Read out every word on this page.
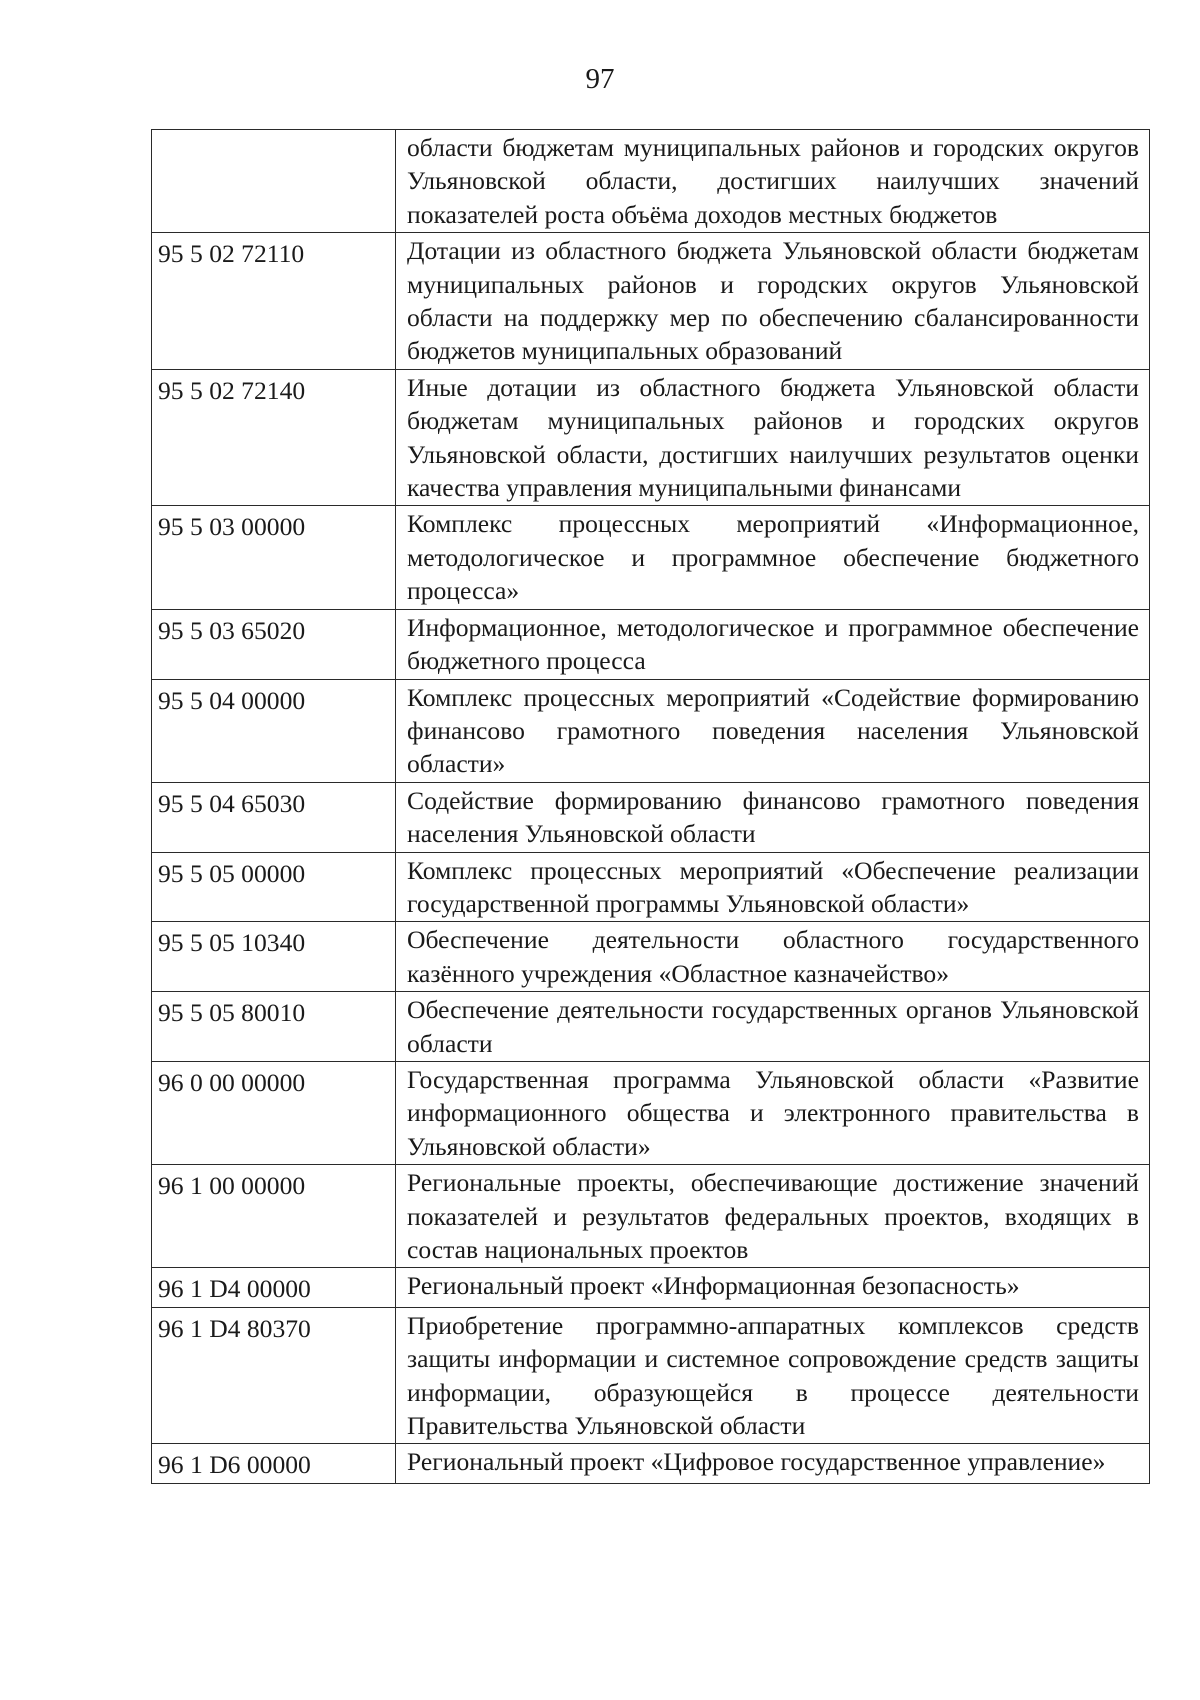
97
	области бюджетам муниципальных районов и городских округов Ульяновской области, достигших наилучших значений показателей роста объёма доходов местных бюджетов
95 5 02 72110	Дотации из областного бюджета Ульяновской области бюджетам муниципальных районов и городских округов Ульяновской области на поддержку мер по обеспечению сбалансированности бюджетов муниципальных образований
95 5 02 72140	Иные дотации из областного бюджета Ульяновской области бюджетам муниципальных районов и городских округов Ульяновской области, достигших наилучших результатов оценки качества управления муниципальными финансами
95 5 03 00000	Комплекс процессных мероприятий «Информационное, методологическое и программное обеспечение бюджетного процесса»
95 5 03 65020	Информационное, методологическое и программное обеспечение бюджетного процесса
95 5 04 00000	Комплекс процессных мероприятий «Содействие формированию финансово грамотного поведения населения Ульяновской области»
95 5 04 65030	Содействие формированию финансово грамотного поведения населения Ульяновской области
95 5 05 00000	Комплекс процессных мероприятий «Обеспечение реализации государственной программы Ульяновской области»
95 5 05 10340	Обеспечение деятельности областного государственного казённого учреждения «Областное казначейство»
95 5 05 80010	Обеспечение деятельности государственных органов Ульяновской области
96 0 00 00000	Государственная программа Ульяновской области «Развитие информационного общества и электронного правительства в Ульяновской области»
96 1 00 00000	Региональные проекты, обеспечивающие достижение значений показателей и результатов федеральных проектов, входящих в состав национальных проектов
96 1 D4 00000	Региональный проект «Информационная безопасность»
96 1 D4 80370	Приобретение программно-аппаратных комплексов средств защиты информации и системное сопровождение средств защиты информации, образующейся в процессе деятельности Правительства Ульяновской области
96 1 D6 00000	Региональный проект «Цифровое государственное управление»
